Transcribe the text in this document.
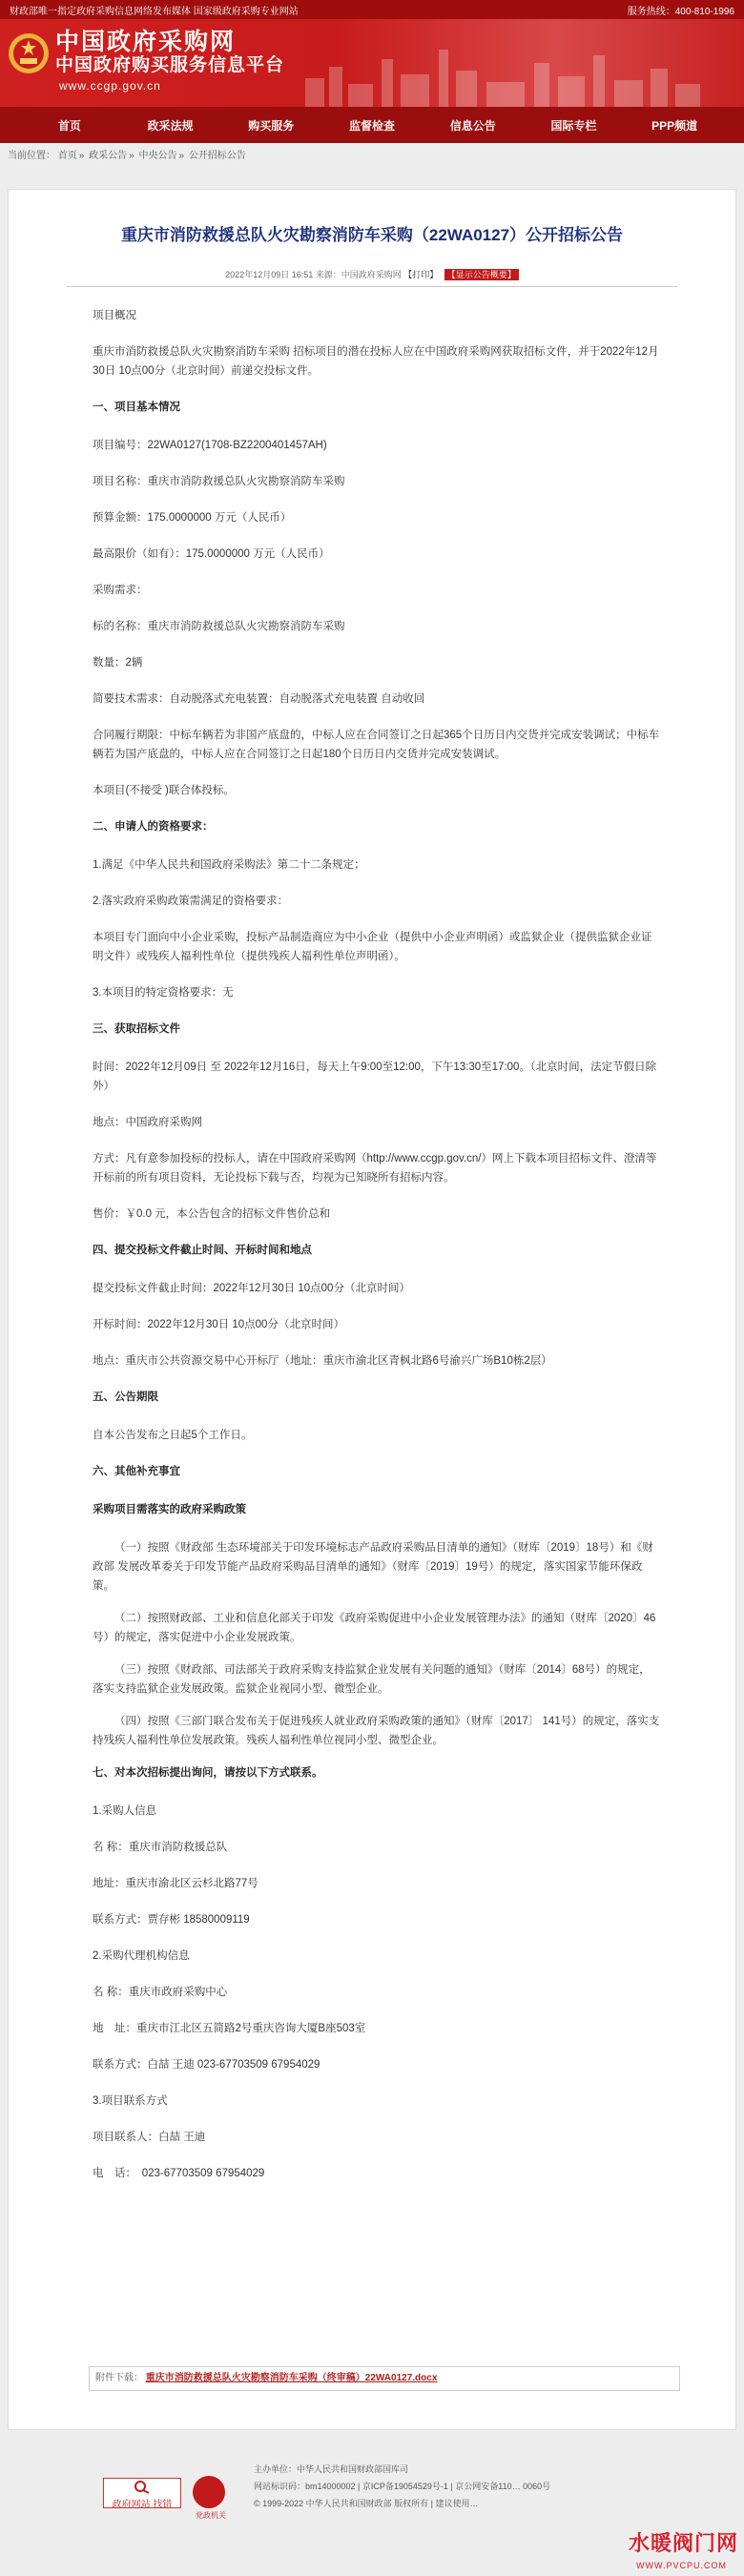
财政部唯一指定政府采购信息网络发布媒体 国家级政府采购专业网站	服务热线：400-810-1996
中国政府采购网
中国政府购买服务信息平台
www.ccgp.gov.cn
首页	政采法规	购买服务	监督检查	信息公告	国际专栏	PPP频道
当前位置： 首页 » 政采公告 » 中央公告 » 公开招标公告
重庆市消防救援总队火灾勘察消防车采购（22WA0127）公开招标公告
2022年12月09日 16:51 来源：中国政府采购网 【打印】 【显示公告概要】

项目概况

重庆市消防救援总队火灾勘察消防车采购 招标项目的潜在投标人应在中国政府采购网获取招标文件，并于2022年12月30日 10点00分（北京时间）前递交投标文件。

一、项目基本情况

项目编号：22WA0127(1708-BZ2200401457AH)

项目名称：重庆市消防救援总队火灾勘察消防车采购

预算金额：175.0000000 万元（人民币）

最高限价（如有）：175.0000000 万元（人民币）

采购需求：

标的名称：重庆市消防救援总队火灾勘察消防车采购

数量：2辆

简要技术需求：自动脱落式充电装置：自动脱落式充电装置 自动收回

合同履行期限：中标车辆若为非国产底盘的，中标人应在合同签订之日起365个日历日内交货并完成安装调试；中标车辆若为国产底盘的，中标人应在合同签订之日起180个日历日内交货并完成安装调试。

本项目(不接受 )联合体投标。

二、申请人的资格要求：

1.满足《中华人民共和国政府采购法》第二十二条规定；

2.落实政府采购政策需满足的资格要求：

本项目专门面向中小企业采购，投标产品制造商应为中小企业（提供中小企业声明函）或监狱企业（提供监狱企业证明文件）或残疾人福利性单位（提供残疾人福利性单位声明函）。

3.本项目的特定资格要求：无

三、获取招标文件

时间：2022年12月09日 至 2022年12月16日，每天上午9:00至12:00，下午13:30至17:00。（北京时间，法定节假日除外）

地点：中国政府采购网

方式：凡有意参加投标的投标人，请在中国政府采购网（http://www.ccgp.gov.cn/）网上下载本项目招标文件、澄清等开标前的所有项目资料，无论投标下载与否，均视为已知晓所有招标内容。

售价：￥0.0 元，本公告包含的招标文件售价总和

四、提交投标文件截止时间、开标时间和地点

提交投标文件截止时间：2022年12月30日 10点00分（北京时间）

开标时间：2022年12月30日 10点00分（北京时间）

地点：重庆市公共资源交易中心开标厅（地址：重庆市渝北区青枫北路6号渝兴广场B10栋2层）

五、公告期限

自本公告发布之日起5个工作日。

六、其他补充事宜

采购项目需落实的政府采购政策

（一）按照《财政部 生态环境部关于印发环境标志产品政府采购品目清单的通知》（财库〔2019〕18号）和《财政部 发展改革委关于印发节能产品政府采购品目清单的通知》（财库〔2019〕19号）的规定，落实国家节能环保政策。

（二）按照财政部、工业和信息化部关于印发《政府采购促进中小企业发展管理办法》的通知（财库〔2020〕46号）的规定，落实促进中小企业发展政策。

（三）按照《财政部、司法部关于政府采购支持监狱企业发展有关问题的通知》（财库〔2014〕68号）的规定，落实支持监狱企业发展政策。监狱企业视同小型、微型企业。

（四）按照《三部门联合发布关于促进残疾人就业政府采购政策的通知》（财库〔2017〕 141号）的规定，落实支持残疾人福利性单位发展政策。残疾人福利性单位视同小型、微型企业。

七、对本次招标提出询问，请按以下方式联系。

1.采购人信息

名 称：重庆市消防救援总队

地址：重庆市渝北区云杉北路77号

联系方式：贾存彬 18580009119

2.采购代理机构信息

名 称：重庆市政府采购中心

地　址：重庆市江北区五简路2号重庆咨询大厦B座503室

联系方式：白喆 王迪 023-67703509 67954029

3.项目联系方式

项目联系人：白喆 王迪

电　话：　023-67703509 67954029

附件下载： 重庆市消防救援总队火灾勘察消防车采购（终审稿）22WA0127.docx

政府网站 找错
党政机关
主办单位：中华人民共和国财政部国库司
网站标识码：bm14000002 | 京ICP备19054529号-1 | 京公网安备110… 0060号
© 1999-2022 中华人民共和国财政部 版权所有 | 建议使用…
水暖阀门网
WWW.PVCPU.COM
